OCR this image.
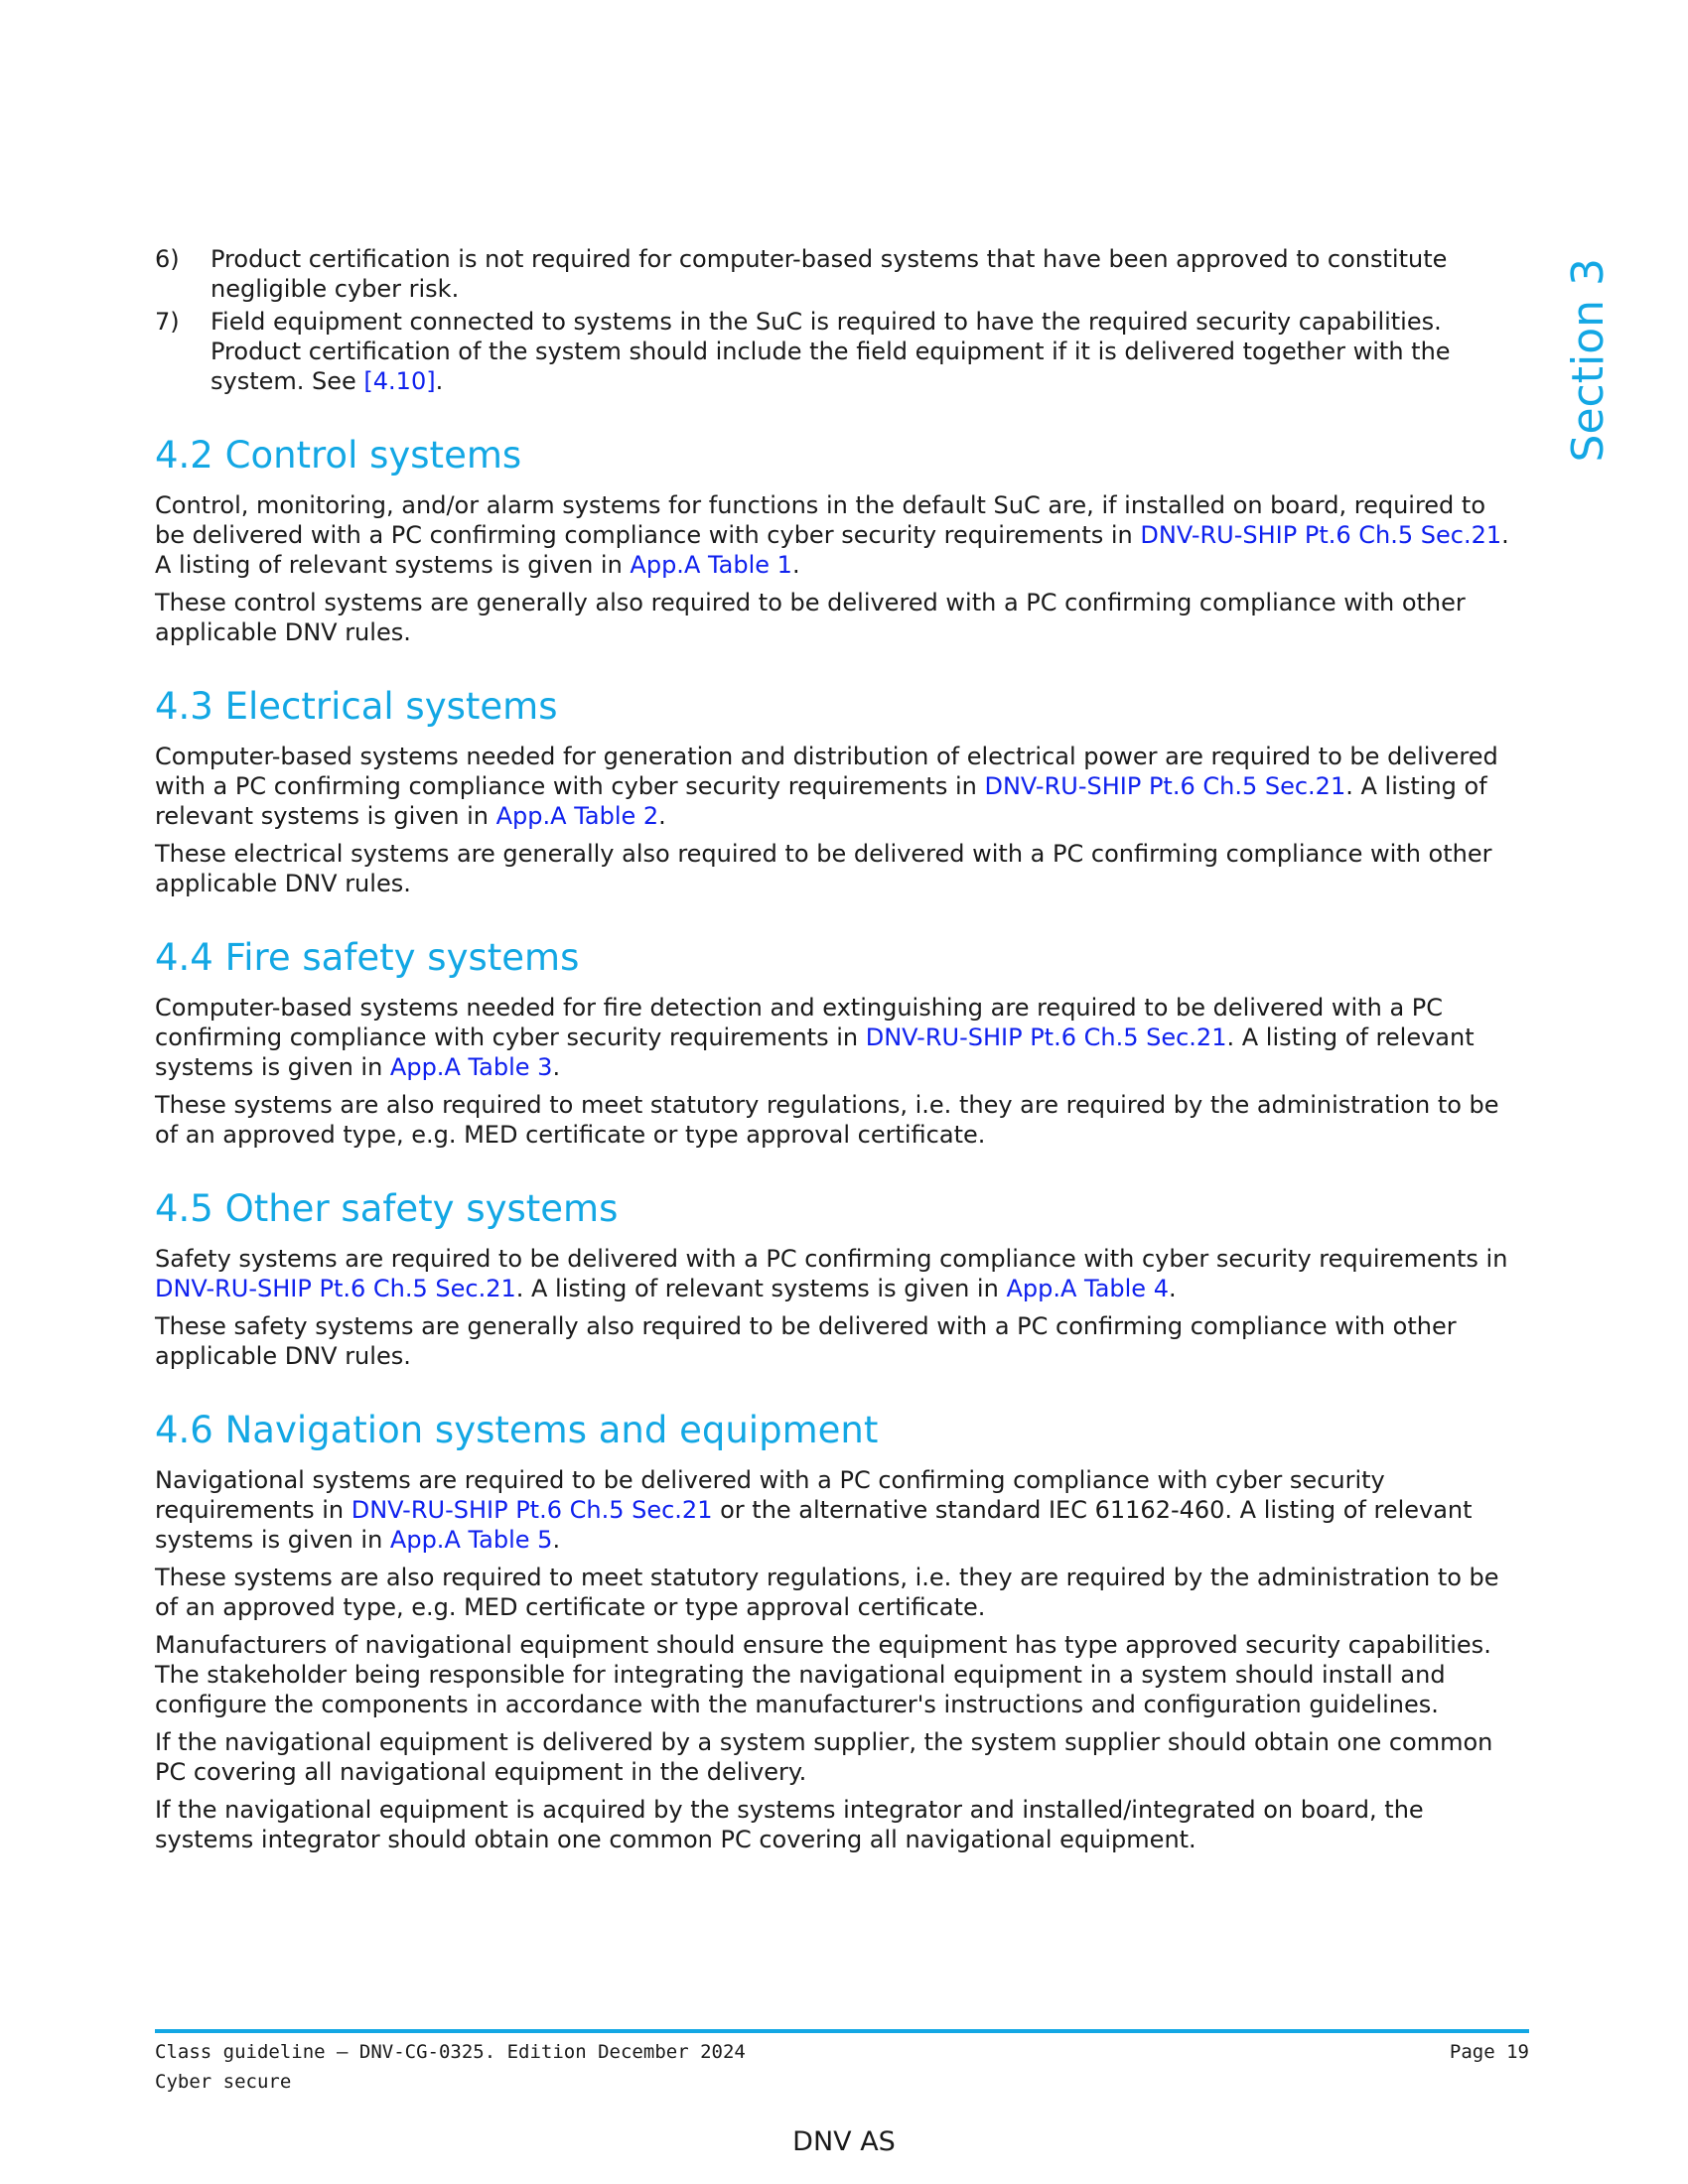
Section 3
6) Product certification is not required for computer-based systems that have been approved to constitute negligible cyber risk.
7) Field equipment connected to systems in the SuC is required to have the required security capabilities. Product certification of the system should include the field equipment if it is delivered together with the system. See [4.10].
4.2 Control systems

Control, monitoring, and/or alarm systems for functions in the default SuC are, if installed on board, required to be delivered with a PC confirming compliance with cyber security requirements in DNV-RU-SHIP Pt.6 Ch.5 Sec.21. A listing of relevant systems is given in App.A Table 1.

These control systems are generally also required to be delivered with a PC confirming compliance with other applicable DNV rules.

4.3 Electrical systems

Computer-based systems needed for generation and distribution of electrical power are required to be delivered with a PC confirming compliance with cyber security requirements in DNV-RU-SHIP Pt.6 Ch.5 Sec.21. A listing of relevant systems is given in App.A Table 2.

These electrical systems are generally also required to be delivered with a PC confirming compliance with other applicable DNV rules.

4.4 Fire safety systems

Computer-based systems needed for fire detection and extinguishing are required to be delivered with a PC confirming compliance with cyber security requirements in DNV-RU-SHIP Pt.6 Ch.5 Sec.21. A listing of relevant systems is given in App.A Table 3.

These systems are also required to meet statutory regulations, i.e. they are required by the administration to be of an approved type, e.g. MED certificate or type approval certificate.

4.5 Other safety systems

Safety systems are required to be delivered with a PC confirming compliance with cyber security requirements in DNV-RU-SHIP Pt.6 Ch.5 Sec.21. A listing of relevant systems is given in App.A Table 4.

These safety systems are generally also required to be delivered with a PC confirming compliance with other applicable DNV rules.

4.6 Navigation systems and equipment

Navigational systems are required to be delivered with a PC confirming compliance with cyber security requirements in DNV-RU-SHIP Pt.6 Ch.5 Sec.21 or the alternative standard IEC 61162-460. A listing of relevant systems is given in App.A Table 5.

These systems are also required to meet statutory regulations, i.e. they are required by the administration to be of an approved type, e.g. MED certificate or type approval certificate.

Manufacturers of navigational equipment should ensure the equipment has type approved security capabilities. The stakeholder being responsible for integrating the navigational equipment in a system should install and configure the components in accordance with the manufacturer's instructions and configuration guidelines.

If the navigational equipment is delivered by a system supplier, the system supplier should obtain one common PC covering all navigational equipment in the delivery.

If the navigational equipment is acquired by the systems integrator and installed/integrated on board, the systems integrator should obtain one common PC covering all navigational equipment.

Class guideline — DNV-CG-0325. Edition December 2024
Cyber secure
Page 19
DNV AS
